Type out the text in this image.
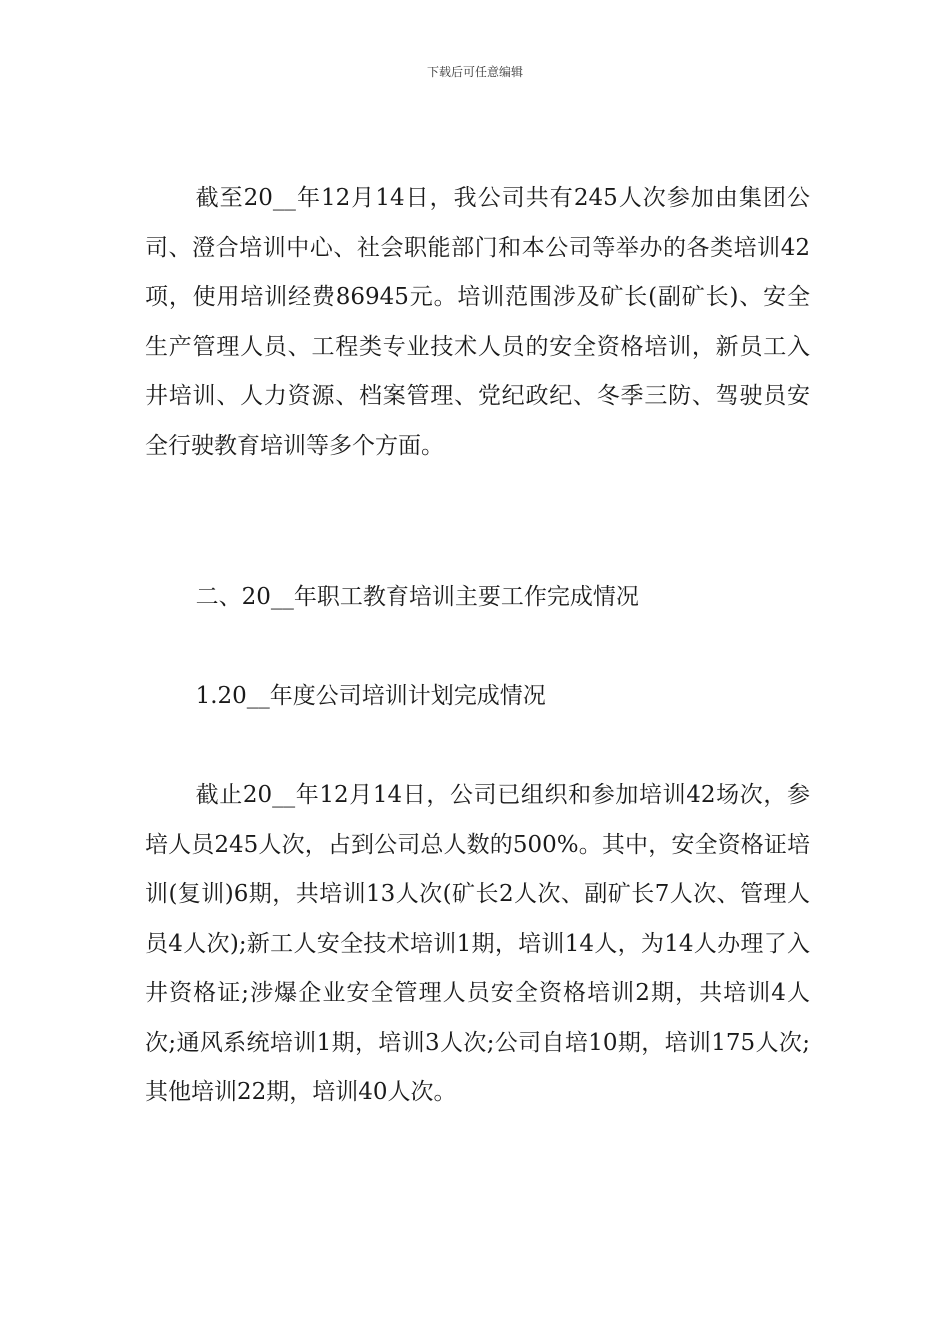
下载后可任意编辑

截至20__年12月14日，我公司共有245人次参加由集团公司、澄合培训中心、社会职能部门和本公司等举办的各类培训42项，使用培训经费86945元。培训范围涉及矿长(副矿长)、安全生产管理人员、工程类专业技术人员的安全资格培训，新员工入井培训、人力资源、档案管理、党纪政纪、冬季三防、驾驶员安全行驶教育培训等多个方面。

二、20__年职工教育培训主要工作完成情况

1.20__年度公司培训计划完成情况

截止20__年12月14日，公司已组织和参加培训42场次，参培人员245人次，占到公司总人数的500%。其中，安全资格证培训(复训)6期，共培训13人次(矿长2人次、副矿长7人次、管理人员4人次);新工人安全技术培训1期，培训14人，为14人办理了入井资格证;涉爆企业安全管理人员安全资格培训2期，共培训4人次;通风系统培训1期，培训3人次;公司自培10期，培训175人次;其他培训22期，培训40人次。
